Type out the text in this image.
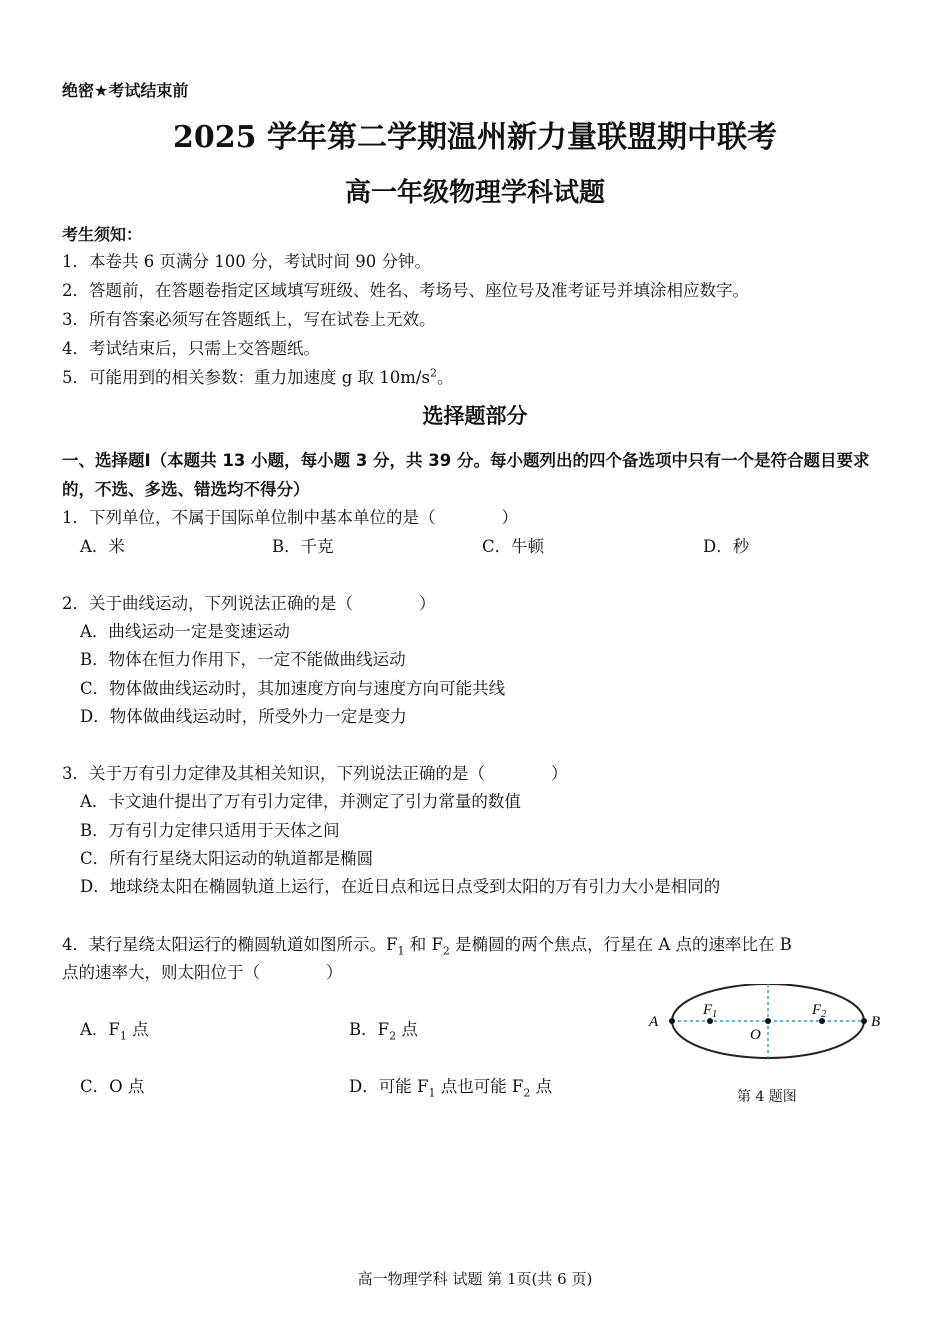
绝密★考试结束前
2025 学年第二学期温州新力量联盟期中联考
高一年级物理学科试题
考生须知：
1．本卷共 6 页满分 100 分，考试时间 90 分钟。
2．答题前，在答题卷指定区域填写班级、姓名、考场号、座位号及准考证号并填涂相应数字。
3．所有答案必须写在答题纸上，写在试卷上无效。
4．考试结束后，只需上交答题纸。
5．可能用到的相关参数：重力加速度 g 取 $10m/s^2$。
选择题部分
一、选择题Ⅰ（本题共 13 小题，每小题 3 分，共 39 分。每小题列出的四个备选项中只有一个是符合题目要求的，不选、多选、错选均不得分）
1．下列单位，不属于国际单位制中基本单位的是（　　　　）
A．米	B．千克	C．牛顿	D．秒
2．关于曲线运动，下列说法正确的是（　　　　）
A．曲线运动一定是变速运动
B．物体在恒力作用下，一定不能做曲线运动
C．物体做曲线运动时，其加速度方向与速度方向可能共线
D．物体做曲线运动时，所受外力一定是变力
3．关于万有引力定律及其相关知识，下列说法正确的是（　　　　）
A．卡文迪什提出了万有引力定律，并测定了引力常量的数值
B．万有引力定律只适用于天体之间
C．所有行星绕太阳运动的轨道都是椭圆
D．地球绕太阳在椭圆轨道上运行，在近日点和远日点受到太阳的万有引力大小是相同的
4．某行星绕太阳运行的椭圆轨道如图所示。$F_1$ 和 $F_2$ 是椭圆的两个焦点，行星在 A 点的速率比在 B
点的速率大，则太阳位于（　　　　）
A．$F_1$ 点	B．$F_2$ 点
C．O 点	D．可能 $F_1$ 点也可能 $F_2$ 点
A	B
O
$F_1$	$F_2$
第 4 题图
高一物理学科 试题 第 1页(共 6 页)
